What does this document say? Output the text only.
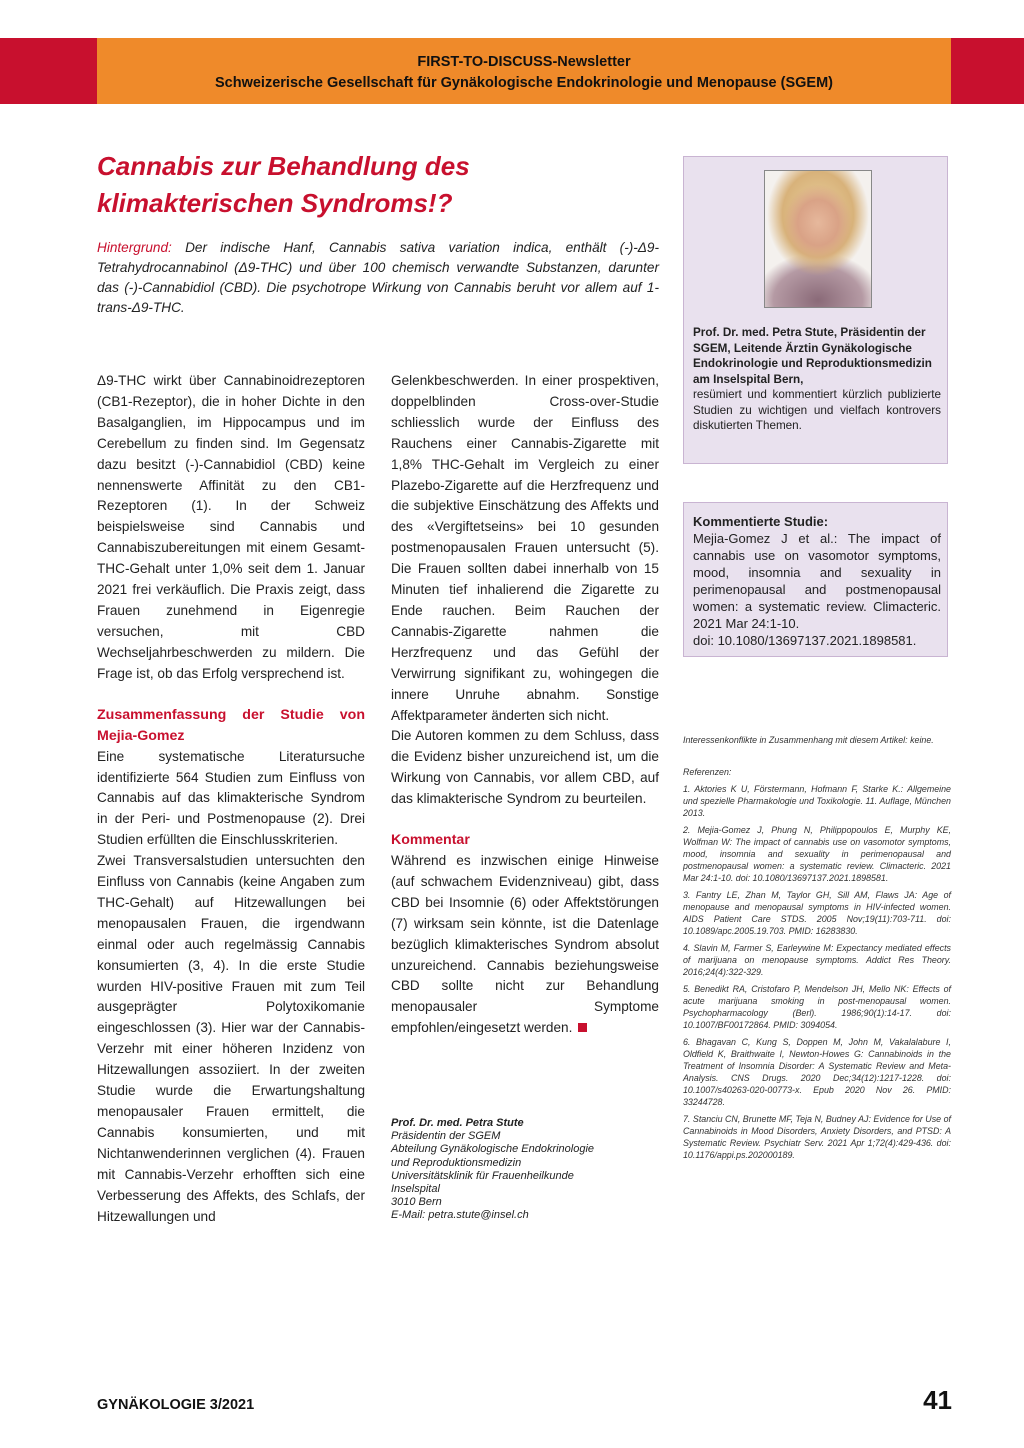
FIRST-TO-DISCUSS-Newsletter
Schweizerische Gesellschaft für Gynäkologische Endokrinologie und Menopause (SGEM)
Cannabis zur Behandlung des klimakterischen Syndroms!?

Hintergrund: Der indische Hanf, Cannabis sativa variation indica, enthält (-)-Δ9-Tetrahydrocannabinol (Δ9-THC) und über 100 chemisch verwandte Substanzen, darunter das (-)-Cannabidiol (CBD). Die psychotrope Wirkung von Cannabis beruht vor allem auf 1-trans-Δ9-THC.

Δ9-THC wirkt über Cannabinoidrezeptoren (CB1-Rezeptor), die in hoher Dichte in den Basalganglien, im Hippocampus und im Cerebellum zu finden sind. Im Gegensatz dazu besitzt (-)-Cannabidiol (CBD) keine nennenswerte Affinität zu den CB1-Rezeptoren (1). In der Schweiz beispielsweise sind Cannabis und Cannabiszubereitungen mit einem Gesamt-THC-Gehalt unter 1,0% seit dem 1. Januar 2021 frei verkäuflich. Die Praxis zeigt, dass Frauen zunehmend in Eigenregie versuchen, mit CBD Wechseljahrbeschwerden zu mildern. Die Frage ist, ob das Erfolg versprechend ist.

Zusammenfassung der Studie von Mejia-Gomez

Eine systematische Literatursuche identifizierte 564 Studien zum Einfluss von Cannabis auf das klimakterische Syndrom in der Peri- und Postmenopause (2). Drei Studien erfüllten die Einschlusskriterien.

Zwei Transversalstudien untersuchten den Einfluss von Cannabis (keine Angaben zum THC-Gehalt) auf Hitzewallungen bei menopausalen Frauen, die irgendwann einmal oder auch regelmässig Cannabis konsumierten (3, 4). In die erste Studie wurden HIV-positive Frauen mit zum Teil ausgeprägter Polytoxikomanie eingeschlossen (3). Hier war der Cannabis-Verzehr mit einer höheren Inzidenz von Hitzewallungen assoziiert. In der zweiten Studie wurde die Erwartungshaltung menopausaler Frauen ermittelt, die Cannabis konsumierten, und mit Nichtanwenderinnen verglichen (4). Frauen mit Cannabis-Verzehr erhofften sich eine Verbesserung des Affekts, des Schlafs, der Hitzewallungen und

Gelenkbeschwerden. In einer prospektiven, doppelblinden Cross-over-Studie schliesslich wurde der Einfluss des Rauchens einer Cannabis-Zigarette mit 1,8% THC-Gehalt im Vergleich zu einer Plazebo-Zigarette auf die Herzfrequenz und die subjektive Einschätzung des Affekts und des «Vergiftetseins» bei 10 gesunden postmenopausalen Frauen untersucht (5). Die Frauen sollten dabei innerhalb von 15 Minuten tief inhalierend die Zigarette zu Ende rauchen. Beim Rauchen der Cannabis-Zigarette nahmen die Herzfrequenz und das Gefühl der Verwirrung signifikant zu, wohingegen die innere Unruhe abnahm. Sonstige Affektparameter änderten sich nicht.

Die Autoren kommen zu dem Schluss, dass die Evidenz bisher unzureichend ist, um die Wirkung von Cannabis, vor allem CBD, auf das klimakterische Syndrom zu beurteilen.

Kommentar

Während es inzwischen einige Hinweise (auf schwachem Evidenzniveau) gibt, dass CBD bei Insomnie (6) oder Affektstörungen (7) wirksam sein könnte, ist die Datenlage bezüglich klimakterisches Syndrom absolut unzureichend. Cannabis beziehungsweise CBD sollte nicht zur Behandlung menopausaler Symptome empfohlen/eingesetzt werden.

Prof. Dr. med. Petra Stute
Präsidentin der SGEM
Abteilung Gynäkologische Endokrinologie
und Reproduktionsmedizin
Universitätsklinik für Frauenheilkunde
Inselspital
3010 Bern
E-Mail: petra.stute@insel.ch
Prof. Dr. med. Petra Stute, Präsidentin der SGEM, Leitende Ärztin Gynäkologische Endokrinologie und Reproduktionsmedizin am Inselspital Bern,
resümiert und kommentiert kürzlich publizierte Studien zu wichtigen und vielfach kontrovers diskutierten Themen.
Kommentierte Studie:
Mejia-Gomez J et al.: The impact of cannabis use on vasomotor symptoms, mood, insomnia and sexuality in perimenopausal and postmenopausal women: a systematic review. Climacteric. 2021 Mar 24:1-10.
doi: 10.1080/13697137.2021.1898581.
Interessenkonflikte in Zusammenhang mit diesem Artikel: keine.
Referenzen:
1. Aktories K U, Förstermann, Hofmann F, Starke K.: Allgemeine und spezielle Pharmakologie und Toxikologie. 11. Auflage, München 2013.
2. Mejia-Gomez J, Phung N, Philippopoulos E, Murphy KE, Wolfman W: The impact of cannabis use on vasomotor symptoms, mood, insomnia and sexuality in perimenopausal and postmenopausal women: a systematic review. Climacteric. 2021 Mar 24:1-10. doi: 10.1080/13697137.2021.1898581.
3. Fantry LE, Zhan M, Taylor GH, Sill AM, Flaws JA: Age of menopause and menopausal symptoms in HIV-infected women. AIDS Patient Care STDS. 2005 Nov;19(11):703-711. doi: 10.1089/apc.2005.19.703. PMID: 16283830.
4. Slavin M, Farmer S, Earleywine M: Expectancy mediated effects of marijuana on menopause symptoms. Addict Res Theory. 2016;24(4):322-329.
5. Benedikt RA, Cristofaro P, Mendelson JH, Mello NK: Effects of acute marijuana smoking in post-menopausal women. Psychopharmacology (Berl). 1986;90(1):14-17. doi: 10.1007/BF00172864. PMID: 3094054.
6. Bhagavan C, Kung S, Doppen M, John M, Vakalalabure I, Oldfield K, Braithwaite I, Newton-Howes G: Cannabinoids in the Treatment of Insomnia Disorder: A Systematic Review and Meta-Analysis. CNS Drugs. 2020 Dec;34(12):1217-1228. doi: 10.1007/s40263-020-00773-x. Epub 2020 Nov 26. PMID: 33244728.
7. Stanciu CN, Brunette MF, Teja N, Budney AJ: Evidence for Use of Cannabinoids in Mood Disorders, Anxiety Disorders, and PTSD: A Systematic Review. Psychiatr Serv. 2021 Apr 1;72(4):429-436. doi: 10.1176/appi.ps.202000189.
GYNÄKOLOGIE 3/2021	41
